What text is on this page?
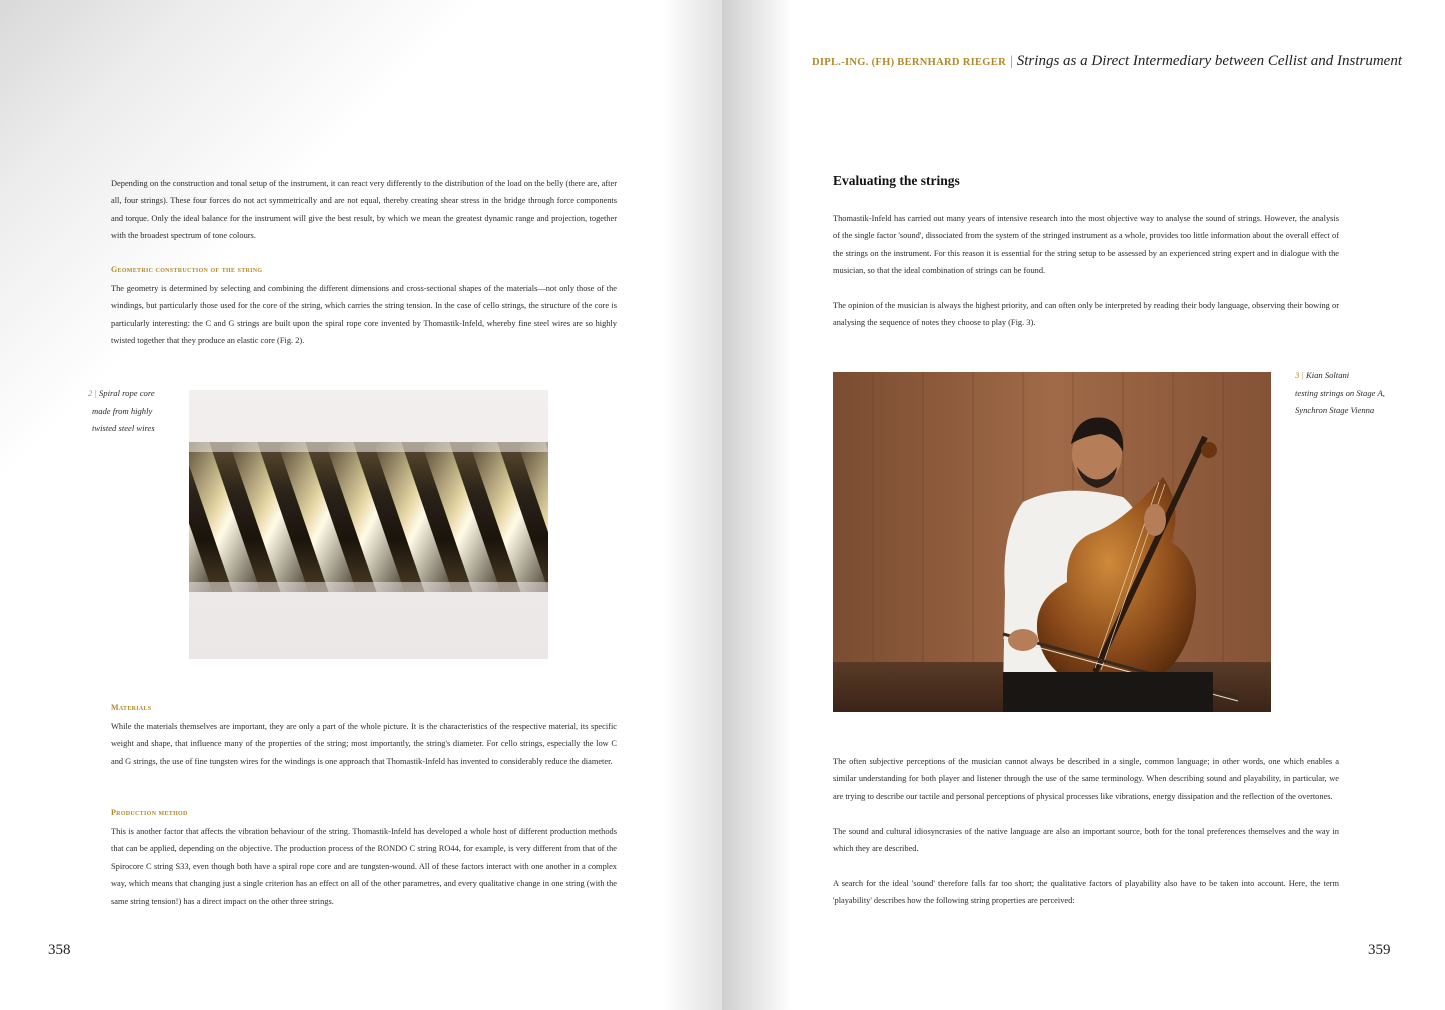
Depending on the construction and tonal setup of the instrument, it can react very differently to the distribution of the load on the belly (there are, after all, four strings). These four forces do not act symmetrically and are not equal, thereby creating shear stress in the bridge through force components and torque. Only the ideal balance for the instrument will give the best result, by which we mean the greatest dynamic range and projection, together with the broadest spectrum of tone colours.

Geometric construction of the string

The geometry is determined by selecting and combining the different dimensions and cross-sectional shapes of the materials—not only those of the windings, but particularly those used for the core of the string, which carries the string tension. In the case of cello strings, the structure of the core is particularly interesting: the C and G strings are built upon the spiral rope core invented by Thomastik-Infeld, whereby fine steel wires are so highly twisted together that they produce an elastic core (Fig. 2).

2 | Spiral rope core
made from highly
twisted steel wires

Materials

While the materials themselves are important, they are only a part of the whole picture. It is the characteristics of the respective material, its specific weight and shape, that influence many of the properties of the string; most importantly, the string's diameter. For cello strings, especially the low C and G strings, the use of fine tungsten wires for the windings is one approach that Thomastik-Infeld has invented to considerably reduce the diameter.

Production method

This is another factor that affects the vibration behaviour of the string. Thomastik-Infeld has developed a whole host of different production methods that can be applied, depending on the objective. The production process of the RONDO C string RO44, for example, is very different from that of the Spirocore C string S33, even though both have a spiral rope core and are tungsten-wound. All of these factors interact with one another in a complex way, which means that changing just a single criterion has an effect on all of the other parametres, and every qualitative change in one string (with the same string tension!) has a direct impact on the other three strings.

358
DIPL.-ING. (FH) BERNHARD RIEGER | Strings as a Direct Intermediary between Cellist and Instrument
Evaluating the strings

Thomastik-Infeld has carried out many years of intensive research into the most objective way to analyse the sound of strings. However, the analysis of the single factor 'sound', dissociated from the system of the stringed instrument as a whole, provides too little information about the overall effect of the strings on the instrument. For this reason it is essential for the string setup to be assessed by an experienced string expert and in dialogue with the musician, so that the ideal combination of strings can be found.

The opinion of the musician is always the highest priority, and can often only be interpreted by reading their body language, observing their bowing or analysing the sequence of notes they choose to play (Fig. 3).

3 | Kian Soltani
testing strings on Stage A,
Synchron Stage Vienna

The often subjective perceptions of the musician cannot always be described in a single, common language; in other words, one which enables a similar understanding for both player and listener through the use of the same terminology. When describing sound and playability, in particular, we are trying to describe our tactile and personal perceptions of physical processes like vibrations, energy dissipation and the reflection of the overtones.

The sound and cultural idiosyncrasies of the native language are also an important source, both for the tonal preferences themselves and the way in which they are described.

A search for the ideal 'sound' therefore falls far too short; the qualitative factors of playability also have to be taken into account. Here, the term 'playability' describes how the following string properties are perceived:

359
